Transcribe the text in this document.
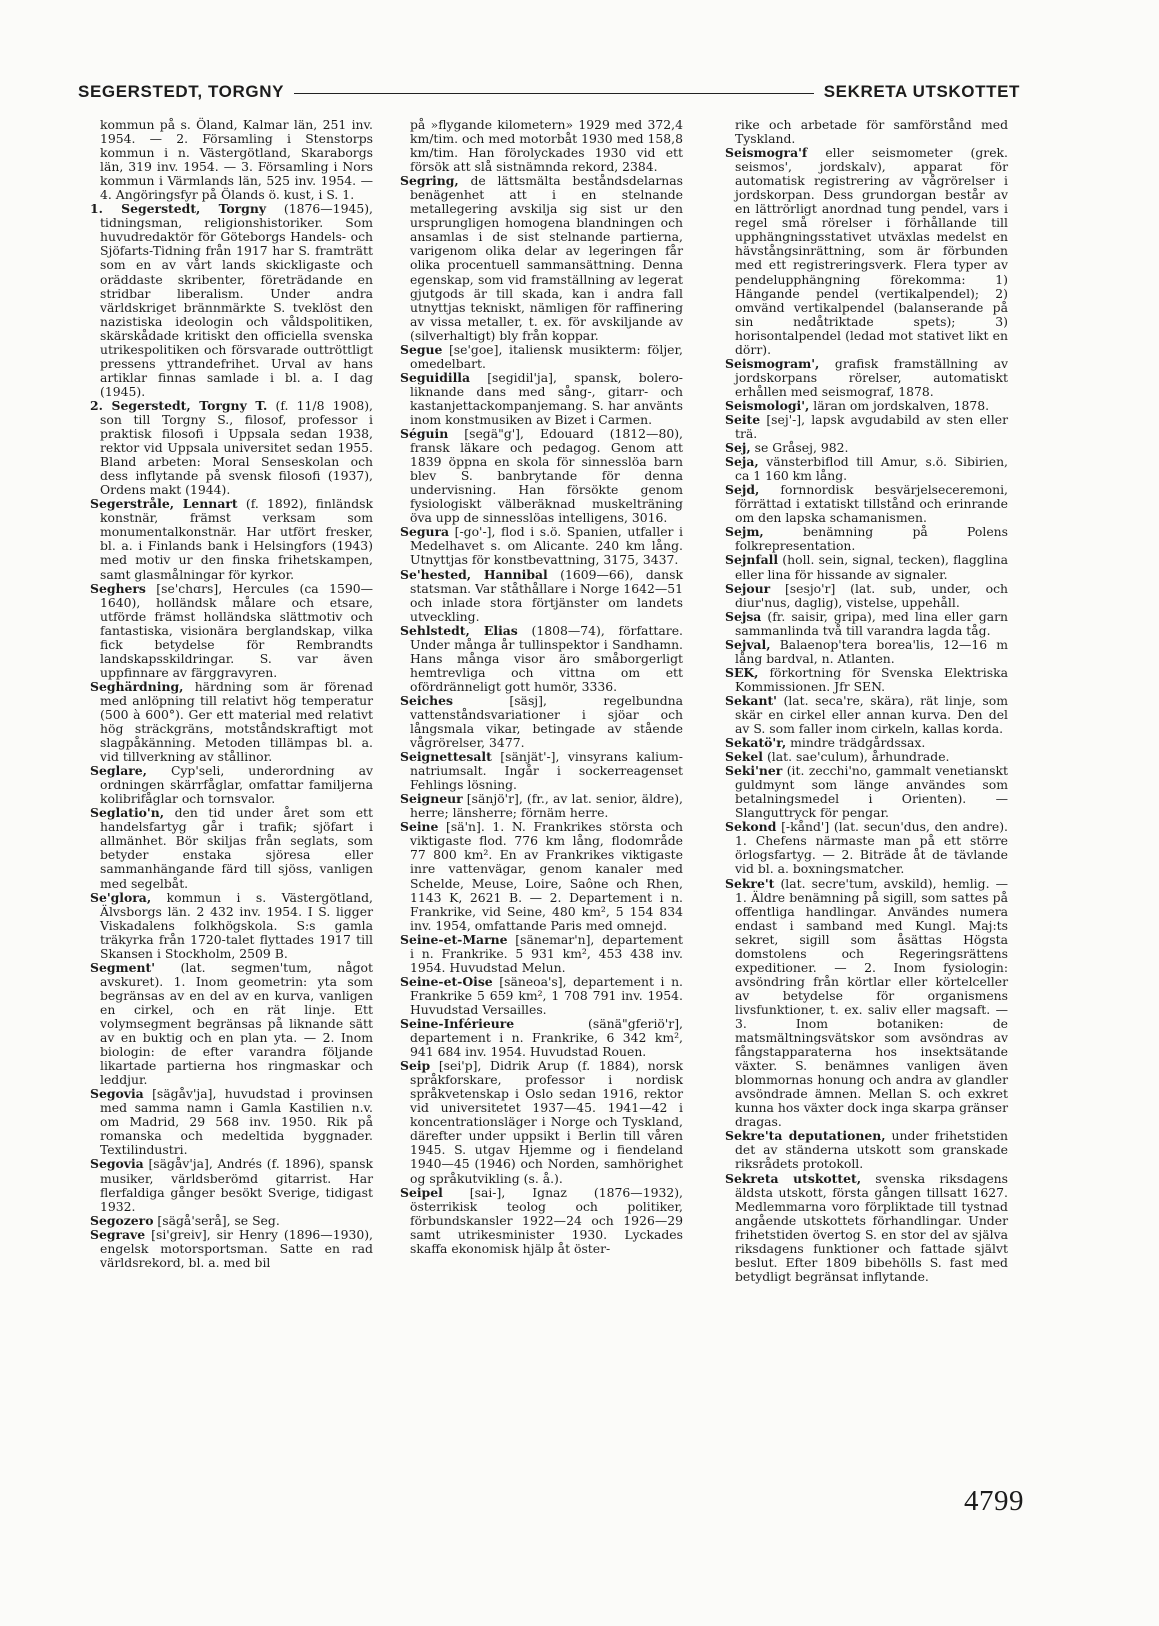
SEGERSTEDT, TORGNY	SEKRETA UTSKOTTET

kommun på s. Öland, Kalmar län, 251 inv. 1954. — 2. Församling i Stenstorps kommun i n. Västergötland, Skaraborgs län, 319 inv. 1954. — 3. Församling i Nors kommun i Värmlands län, 525 inv. 1954. — 4. Angöringsfyr på Ölands ö. kust, i S. 1.

1. Segerstedt, Torgny (1876—1945), tidningsman, religionshistoriker. Som huvudredaktör för Göteborgs Handels- och Sjöfarts-Tidning från 1917 har S. framträtt som en av vårt lands skickligaste och oräddaste skribenter, företrädande en stridbar liberalism. Under andra världskriget brännmärkte S. tveklöst den nazistiska ideologin och våldspolitiken, skärskådade kritiskt den officiella svenska utrikespolitiken och försvarade outtröttligt pressens yttrandefrihet. Urval av hans artiklar finnas samlade i bl. a. I dag (1945).

2. Segerstedt, Torgny T. (f. 11/8 1908), son till Torgny S., filosof, professor i praktisk filosofi i Uppsala sedan 1938, rektor vid Uppsala universitet sedan 1955. Bland arbeten: Moral Senseskolan och dess inflytande på svensk filosofi (1937), Ordens makt (1944).

Segerstråle, Lennart (f. 1892), finländsk konstnär, främst verksam som monumentalkonstnär. Har utfört fresker, bl. a. i Finlands bank i Helsingfors (1943) med motiv ur den finska frihetskampen, samt glasmålningar för kyrkor.

Seghers [se'chɑrs], Hercules (ca 1590—1640), holländsk målare och etsare, utförde främst holländska slättmotiv och fantastiska, visionära berglandskap, vilka fick betydelse för Rembrandts landskapsskildringar. S. var även uppfinnare av färggravyren.

Seghärdning, härdning som är förenad med anlöpning till relativt hög temperatur (500 à 600°). Ger ett material med relativt hög sträckgräns, motståndskraftigt mot slagpåkänning. Metoden tillämpas bl. a. vid tillverkning av stållinor.

Seglare, Cyp'seli, underordning av ordningen skärrfåglar, omfattar familjerna kolibrifåglar och tornsvalor.

Seglatio'n, den tid under året som ett handelsfartyg går i trafik; sjöfart i allmänhet. Bör skiljas från seglats, som betyder enstaka sjöresa eller sammanhängande färd till sjöss, vanligen med segelbåt.

Se'glora, kommun i s. Västergötland, Älvsborgs län. 2 432 inv. 1954. I S. ligger Viskadalens folkhögskola. S:s gamla träkyrka från 1720-talet flyttades 1917 till Skansen i Stockholm, 2509 B.

Segment' (lat. segmen'tum, något avskuret). 1. Inom geometrin: yta som begränsas av en del av en kurva, vanligen en cirkel, och en rät linje. Ett volymsegment begränsas på liknande sätt av en buktig och en plan yta. — 2. Inom biologin: de efter varandra följande likartade partierna hos ringmaskar och leddjur.

Segovia [sägåv'ja], huvudstad i provinsen med samma namn i Gamla Kastilien n.v. om Madrid, 29 568 inv. 1950. Rik på romanska och medeltida byggnader. Textilindustri.

Segovia [sägåv'ja], Andrés (f. 1896), spansk musiker, världsberömd gitarrist. Har flerfaldiga gånger besökt Sverige, tidigast 1932.

Segozero [sägå'serå], se Seg.

Segrave [si'greiv], sir Henry (1896—1930), engelsk motorsportsman. Satte en rad världsrekord, bl. a. med bil

på »flygande kilometern» 1929 med 372,4 km/tim. och med motorbåt 1930 med 158,8 km/tim. Han förolyckades 1930 vid ett försök att slå sistnämnda rekord, 2384.

Segring, de lättsmälta beståndsdelarnas benägenhet att i en stelnande metallegering avskilja sig sist ur den ursprungligen homogena blandningen och ansamlas i de sist stelnande partierna, varigenom olika delar av legeringen får olika procentuell sammansättning. Denna egenskap, som vid framställning av legerat gjutgods är till skada, kan i andra fall utnyttjas tekniskt, nämligen för raffinering av vissa metaller, t. ex. för avskiljande av (silverhaltigt) bly från koppar.

Segue [se'goe], italiensk musikterm: följer, omedelbart.

Seguidilla [segidil'ja], spansk, bolero-liknande dans med sång-, gitarr- och kastanjettackompanjemang. S. har använts inom konstmusiken av Bizet i Carmen.

Séguin [segä"g'], Edouard (1812—80), fransk läkare och pedagog. Genom att 1839 öppna en skola för sinnesslöa barn blev S. banbrytande för denna undervisning. Han försökte genom fysiologiskt välberäknad muskelträning öva upp de sinnesslöas intelligens, 3016.

Segura [-go'-], flod i s.ö. Spanien, utfaller i Medelhavet s. om Alicante. 240 km lång. Utnyttjas för konstbevattning, 3175, 3437.

Se'hested, Hannibal (1609—66), dansk statsman. Var ståthållare i Norge 1642—51 och inlade stora förtjänster om landets utveckling.

Sehlstedt, Elias (1808—74), författare. Under många år tullinspektor i Sandhamn. Hans många visor äro småborgerligt hemtrevliga och vittna om ett ofördränneligt gott humör, 3336.

Seiches [säsj], regelbundna vattenståndsvariationer i sjöar och långsmala vikar, betingade av stående vågrörelser, 3477.

Seignettesalt [sänjät'-], vinsyrans kalium-natriumsalt. Ingår i sockerreagenset Fehlings lösning.

Seigneur [sänjö'r], (fr., av lat. senior, äldre), herre; länsherre; förnäm herre.

Seine [sä'n]. 1. N. Frankrikes största och viktigaste flod. 776 km lång, flodområde 77 800 km². En av Frankrikes viktigaste inre vattenvägar, genom kanaler med Schelde, Meuse, Loire, Saône och Rhen, 1143 K, 2621 B. — 2. Departement i n. Frankrike, vid Seine, 480 km², 5 154 834 inv. 1954, omfattande Paris med omnejd.

Seine-et-Marne [sänemar'n], departement i n. Frankrike. 5 931 km², 453 438 inv. 1954. Huvudstad Melun.

Seine-et-Oise [säneoa's], departement i n. Frankrike 5 659 km², 1 708 791 inv. 1954. Huvudstad Versailles.

Seine-Inférieure (sänä"gferiö'r], departement i n. Frankrike, 6 342 km², 941 684 inv. 1954. Huvudstad Rouen.

Seip [sei'p], Didrik Arup (f. 1884), norsk språkforskare, professor i nordisk språkvetenskap i Oslo sedan 1916, rektor vid universitetet 1937—45. 1941—42 i koncentrationsläger i Norge och Tyskland, därefter under uppsikt i Berlin till våren 1945. S. utgav Hjemme og i fiendeland 1940—45 (1946) och Norden, samhörighet og språkutvikling (s. å.).

Seipel [sai-], Ignaz (1876—1932), österrikisk teolog och politiker, förbundskansler 1922—24 och 1926—29 samt utrikesminister 1930. Lyckades skaffa ekonomisk hjälp åt öster-

rike och arbetade för samförstånd med Tyskland.

Seismogra'f eller seismometer (grek. seismos', jordskalv), apparat för automatisk registrering av vågrörelser i jordskorpan. Dess grundorgan består av en lättrörligt anordnad tung pendel, vars i regel små rörelser i förhållande till upphängningsstativet utväxlas medelst en hävstångsinrättning, som är förbunden med ett registreringsverk. Flera typer av pendelupphängning förekomma: 1) Hängande pendel (vertikalpendel); 2) omvänd vertikalpendel (balanserande på sin nedåtriktade spets); 3) horisontalpendel (ledad mot stativet likt en dörr).

Seismogram', grafisk framställning av jordskorpans rörelser, automatiskt erhållen med seismograf, 1878.

Seismologi', läran om jordskalven, 1878.

Seite [sej'-], lapsk avgudabild av sten eller trä.

Sej, se Gråsej, 982.

Seja, vänsterbiflod till Amur, s.ö. Sibirien, ca 1 160 km lång.

Sejd, fornnordisk besvärjelseceremoni, förrättad i extatiskt tillstånd och erinrande om den lapska schamanismen.

Sejm, benämning på Polens folkrepresentation.

Sejnfall (holl. sein, signal, tecken), flagglina eller lina för hissande av signaler.

Sejour [sesjo'r] (lat. sub, under, och diur'nus, daglig), vistelse, uppehåll.

Sejsa (fr. saisir, gripa), med lina eller garn sammanlinda två till varandra lagda tåg.

Sejval, Balaenop'tera borea'lis, 12—16 m lång bardval, n. Atlanten.

SEK, förkortning för Svenska Elektriska Kommissionen. Jfr SEN.

Sekant' (lat. seca're, skära), rät linje, som skär en cirkel eller annan kurva. Den del av S. som faller inom cirkeln, kallas korda.

Sekatö'r, mindre trädgårdssax.

Sekel (lat. sae'culum), århundrade.

Seki'ner (it. zecchi'no, gammalt venetianskt guldmynt som länge användes som betalningsmedel i Orienten). — Slanguttryck för pengar.

Sekond [-kånd'] (lat. secun'dus, den andre). 1. Chefens närmaste man på ett större örlogsfartyg. — 2. Biträde åt de tävlande vid bl. a. boxningsmatcher.

Sekre't (lat. secre'tum, avskild), hemlig. — 1. Äldre benämning på sigill, som sattes på offentliga handlingar. Användes numera endast i samband med Kungl. Maj:ts sekret, sigill som åsättas Högsta domstolens och Regeringsrättens expeditioner. — 2. Inom fysiologin: avsöndring från körtlar eller körtelceller av betydelse för organismens livsfunktioner, t. ex. saliv eller magsaft. — 3. Inom botaniken: de matsmältningsvätskor som avsöndras av fångstapparaterna hos insektsätande växter. S. benämnes vanligen även blommornas honung och andra av glandler avsöndrade ämnen. Mellan S. och exkret kunna hos växter dock inga skarpa gränser dragas.

Sekre'ta deputationen, under frihetstiden det av ständerna utskott som granskade riksrådets protokoll.

Sekreta utskottet, svenska riksdagens äldsta utskott, första gången tillsatt 1627. Medlemmarna voro förpliktade till tystnad angående utskottets förhandlingar. Under frihetstiden övertog S. en stor del av själva riksdagens funktioner och fattade självt beslut. Efter 1809 bibehölls S. fast med betydligt begränsat inflytande.

4799
